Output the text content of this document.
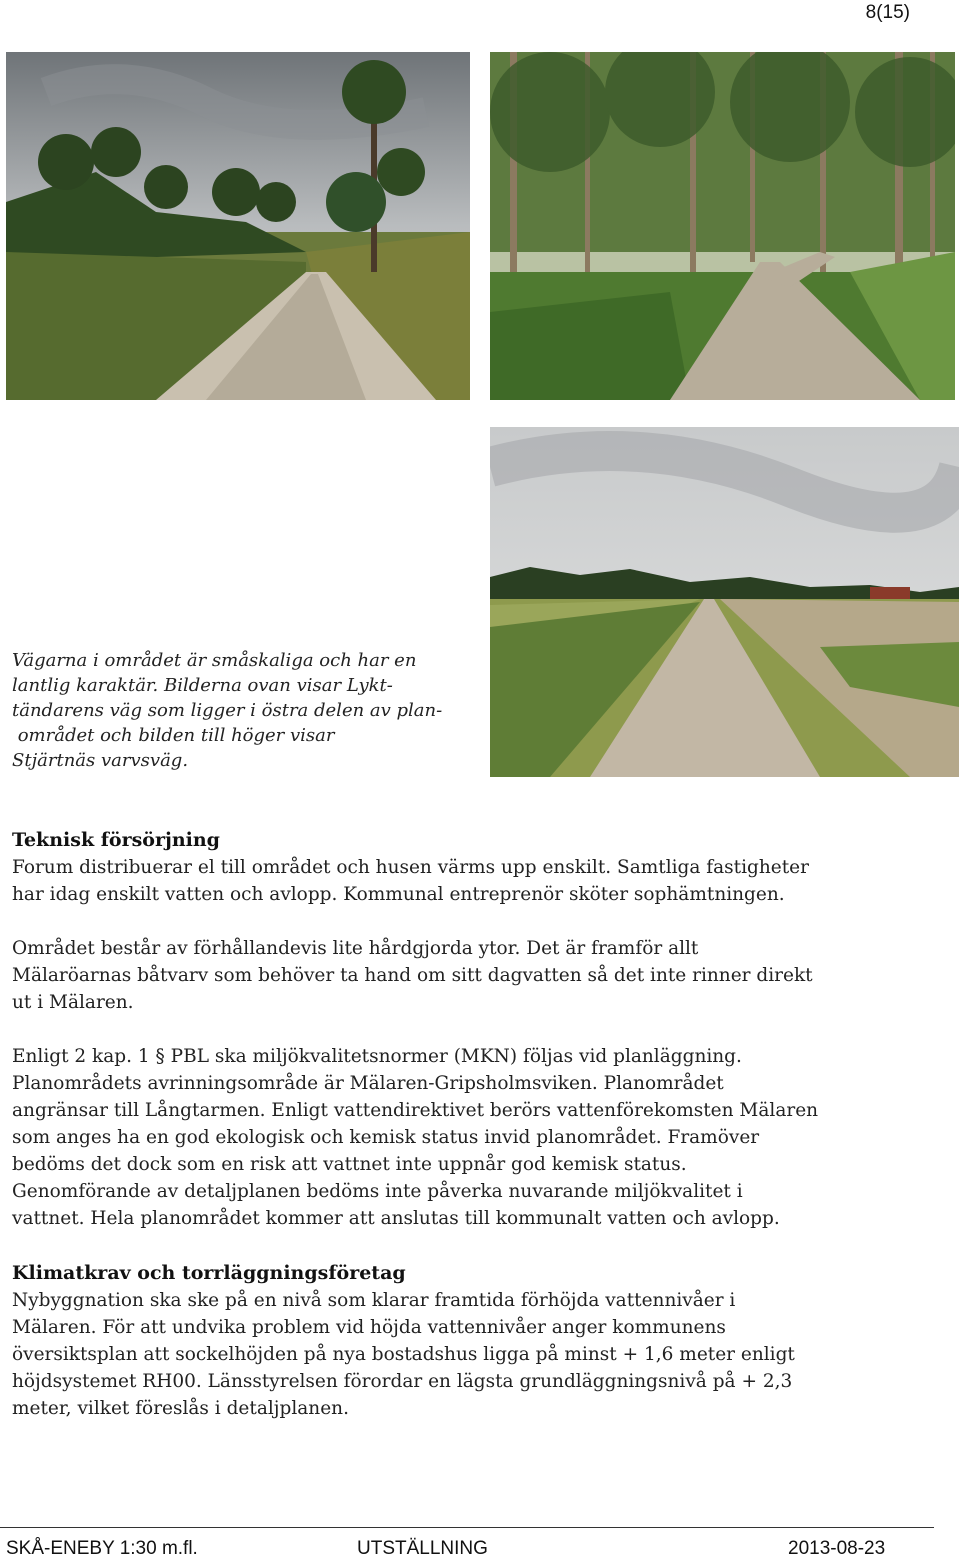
8(15)
Vägarna i området är småskaliga och har en
lantlig karaktär. Bilderna ovan visar Lykt-
tändarens väg som ligger i östra delen av plan-
området och bilden till höger visar
Stjärtnäs varvsväg.
Teknisk försörjning
Forum distribuerar el till området och husen värms upp enskilt. Samtliga fastigheter
har idag enskilt vatten och avlopp. Kommunal entreprenör sköter sophämtningen.
Området består av förhållandevis lite hårdgjorda ytor. Det är framför allt
Mälaröarnas båtvarv som behöver ta hand om sitt dagvatten så det inte rinner direkt
ut i Mälaren.
Enligt 2 kap. 1 § PBL ska miljökvalitetsnormer (MKN) följas vid planläggning.
Planområdets avrinningsområde är Mälaren-Gripsholmsviken. Planområdet
angränsar till Långtarmen. Enligt vattendirektivet berörs vattenförekomsten Mälaren
som anges ha en god ekologisk och kemisk status invid planområdet. Framöver
bedöms det dock som en risk att vattnet inte uppnår god kemisk status.
Genomförande av detaljplanen bedöms inte påverka nuvarande miljökvalitet i
vattnet. Hela planområdet kommer att anslutas till kommunalt vatten och avlopp.
Klimatkrav och torrläggningsföretag
Nybyggnation ska ske på en nivå som klarar framtida förhöjda vattennivåer i
Mälaren. För att undvika problem vid höjda vattennivåer anger kommunens
översiktsplan att sockelhöjden på nya bostadshus ligga på minst + 1,6 meter enligt
höjdsystemet RH00. Länsstyrelsen förordar en lägsta grundläggningsnivå på + 2,3
meter, vilket föreslås i detaljplanen.
SKÅ-ENEBY 1:30 m.fl.	UTSTÄLLNING	2013-08-23
